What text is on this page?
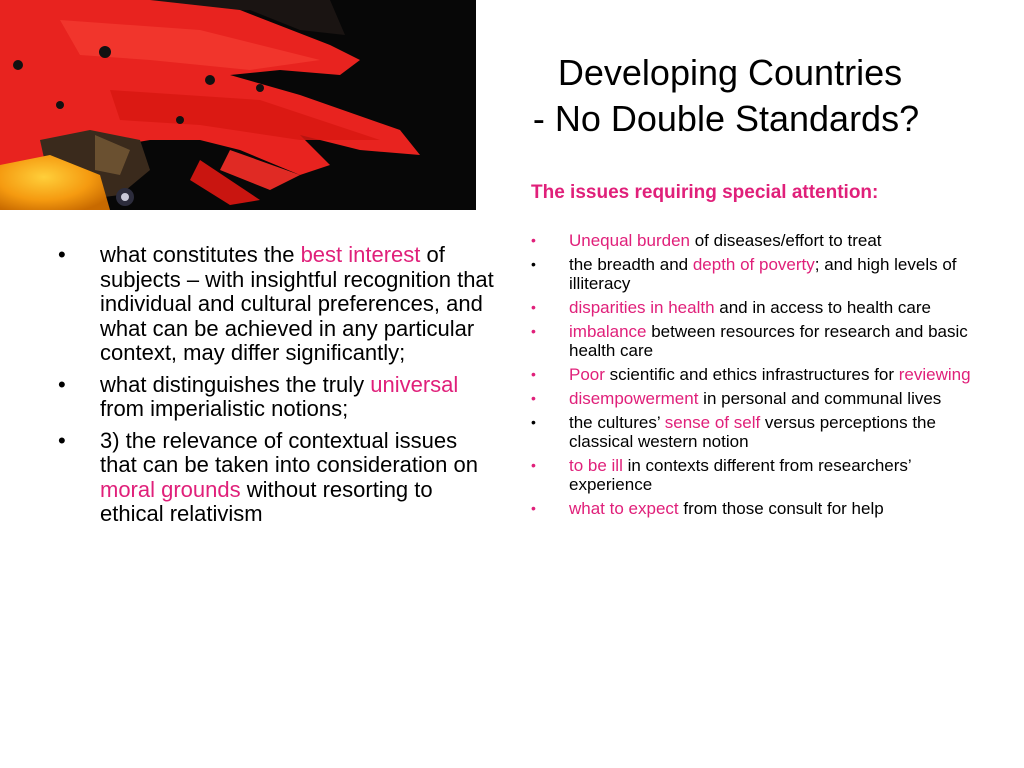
Developing Countries
- No Double Standards?
The issues requiring special attention:
• Unequal burden of diseases/effort to treat
• the breadth and depth of poverty; and high levels of illiteracy
• disparities in health and in access to health care
• imbalance between resources for research and basic health care
• Poor scientific and ethics infrastructures for reviewing
• disempowerment in personal and communal lives
• the cultures’ sense of self versus perceptions the classical western notion
• to be ill in contexts different from researchers’ experience
• what to expect from those consult for help
• what constitutes the best interest of subjects – with insightful recognition that individual and cultural preferences, and what can be achieved in any particular context, may differ significantly;
• what distinguishes the truly universal from imperialistic notions;
• 3) the relevance of contextual issues that can be taken into consideration on moral grounds without resorting to ethical relativism
